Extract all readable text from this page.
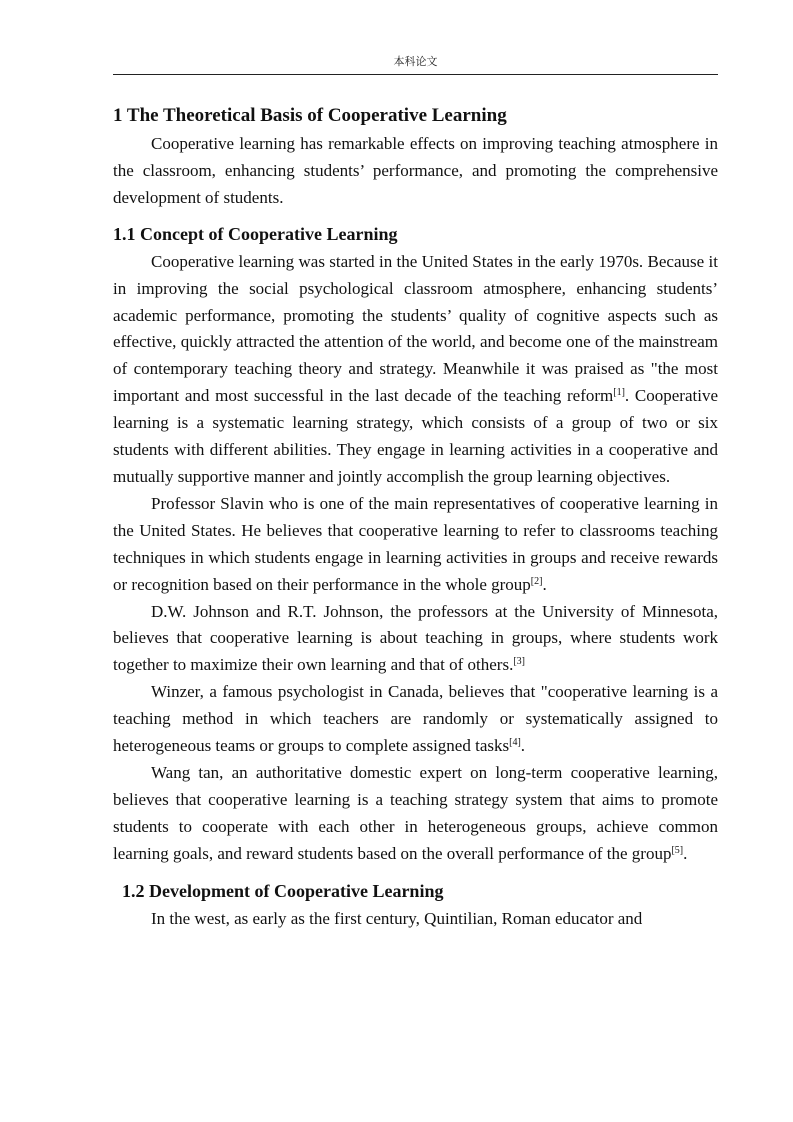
本科论文
1 The Theoretical Basis of Cooperative Learning

Cooperative learning has remarkable effects on improving teaching atmosphere in the classroom, enhancing students’ performance, and promoting the comprehensive development of students.

1.1 Concept of Cooperative Learning

Cooperative learning was started in the United States in the early 1970s. Because it in improving the social psychological classroom atmosphere, enhancing students’ academic performance, promoting the students’ quality of cognitive aspects such as effective, quickly attracted the attention of the world, and become one of the mainstream of contemporary teaching theory and strategy. Meanwhile it was praised as "the most important and most successful in the last decade of the teaching reform[1]. Cooperative learning is a systematic learning strategy, which consists of a group of two or six students with different abilities. They engage in learning activities in a cooperative and mutually supportive manner and jointly accomplish the group learning objectives.

Professor Slavin who is one of the main representatives of cooperative learning in the United States. He believes that cooperative learning to refer to classrooms teaching techniques in which students engage in learning activities in groups and receive rewards or recognition based on their performance in the whole group[2].

D.W. Johnson and R.T. Johnson, the professors at the University of Minnesota, believes that cooperative learning is about teaching in groups, where students work together to maximize their own learning and that of others.[3]

Winzer, a famous psychologist in Canada, believes that "cooperative learning is a teaching method in which teachers are randomly or systematically assigned to heterogeneous teams or groups to complete assigned tasks[4].

Wang tan, an authoritative domestic expert on long-term cooperative learning, believes that cooperative learning is a teaching strategy system that aims to promote students to cooperate with each other in heterogeneous groups, achieve common learning goals, and reward students based on the overall performance of the group[5].

1.2 Development of Cooperative Learning

In the west, as early as the first century, Quintilian, Roman educator and
